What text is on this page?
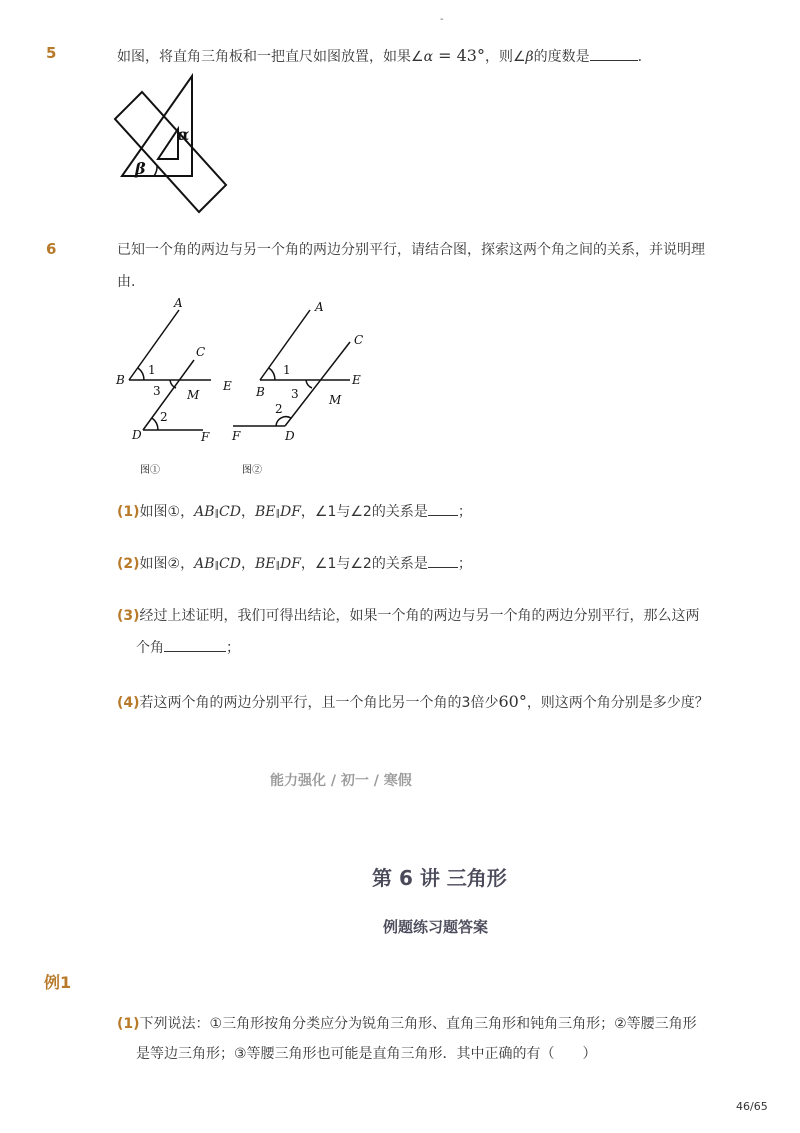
-
5	如图，将直角三角板和一把直尺如图放置，如果∠α = 43°，则∠β的度数是	.
α
β
6	已知一个角的两边与另一个角的两边分别平行，请结合图，探索这两个角之间的关系，并说明理
由.
A
B
C
D
E
F
M
1
2
3
图①
A
B
C
D
E
F
M
1
2
3
图②
(1)如图①，AB∥CD，BE∥DF，∠1与∠2的关系是 ；
(2)如图②，AB∥CD，BE∥DF，∠1与∠2的关系是 ；
(3)经过上述证明，我们可得出结论，如果一个角的两边与另一个角的两边分别平行，那么这两
个角	；
(4)若这两个角的两边分别平行，且一个角比另一个角的3倍少60°，则这两个角分别是多少度？
能力强化 / 初一 / 寒假
第 6 讲 三角形
例题练习题答案
例1
(1)下列说法：①三角形按角分类应分为锐角三角形、直角三角形和钝角三角形；②等腰三角形
是等边三角形；③等腰三角形也可能是直角三角形．其中正确的有（　　）
46/65
